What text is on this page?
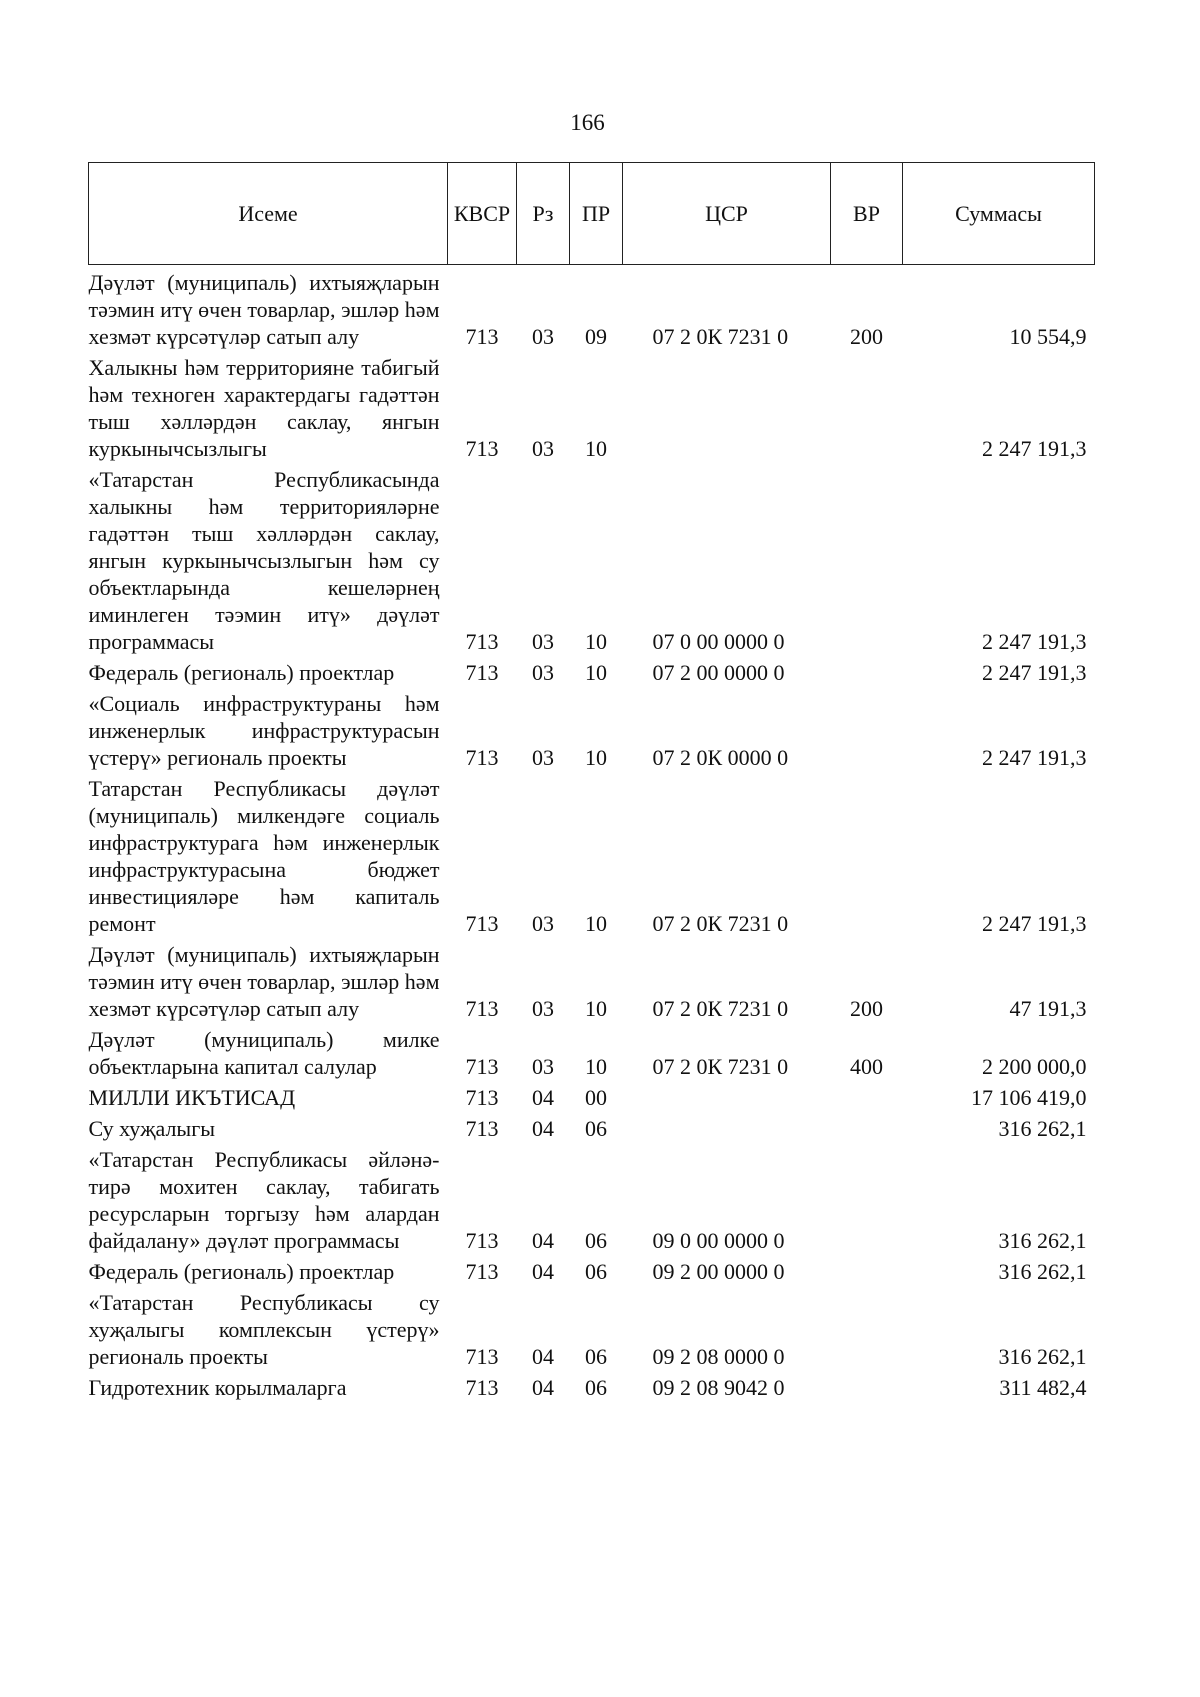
166
Исеме	КВСР	Рз	ПР	ЦСР	ВР	Суммасы
Дәүләт (муниципаль) ихтыяҗларын тәэмин итү өчен товарлар, эшләр һәм хезмәт күрсәтүләр сатып алу	713	03	09	07 2 0К 7231 0	200	10 554,9
Халыкны һәм территорияне табигый һәм техноген характердагы гадәттән тыш хәлләрдән саклау, янгын куркынычсызлыгы	713	03	10			2 247 191,3
«Татарстан Республикасында халыкны һәм территорияләрне гадәттән тыш хәлләрдән саклау, янгын куркынычсызлыгын һәм су объектларында кешеләрнең иминлеген тәэмин итү» дәүләт программасы	713	03	10	07 0 00 0000 0		2 247 191,3
Федераль (региональ) проектлар	713	03	10	07 2 00 0000 0		2 247 191,3
«Социаль инфраструктураны һәм инженерлык инфраструктурасын үстерү» региональ проекты	713	03	10	07 2 0К 0000 0		2 247 191,3
Татарстан Республикасы дәүләт (муниципаль) милкендәге социаль инфраструктурага һәм инженерлык инфраструктурасына бюджет инвестицияләре һәм капиталь ремонт	713	03	10	07 2 0К 7231 0		2 247 191,3
Дәүләт (муниципаль) ихтыяҗларын тәэмин итү өчен товарлар, эшләр һәм хезмәт күрсәтүләр сатып алу	713	03	10	07 2 0К 7231 0	200	47 191,3
Дәүләт (муниципаль) милке объектларына капитал салулар	713	03	10	07 2 0К 7231 0	400	2 200 000,0
МИЛЛИ ИКЪТИСАД	713	04	00			17 106 419,0
Су хуҗалыгы	713	04	06			316 262,1
«Татарстан Республикасы әйләнә-тирә мохитен саклау, табигать ресурсларын торгызу һәм алардан файдалану» дәүләт программасы	713	04	06	09 0 00 0000 0		316 262,1
Федераль (региональ) проектлар	713	04	06	09 2 00 0000 0		316 262,1
«Татарстан Республикасы су хуҗалыгы комплексын үстерү» региональ проекты	713	04	06	09 2 08 0000 0		316 262,1
Гидротехник корылмаларга	713	04	06	09 2 08 9042 0		311 482,4
